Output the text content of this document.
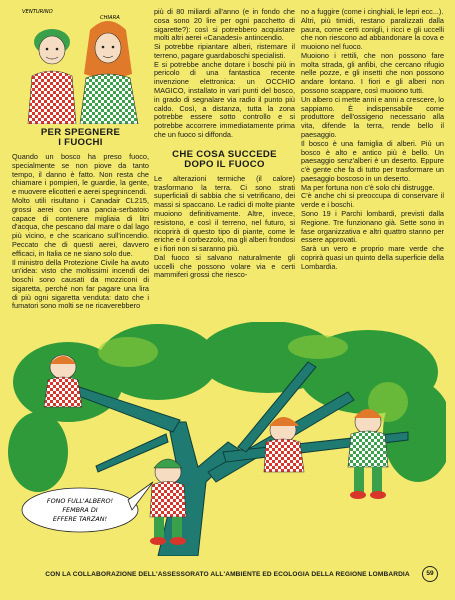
VENTURINO
CHIARA

PER SPEGNERE
I FUOCHI

Quando un bosco ha preso fuoco, specialmente se non piove da tanto tempo, il danno è fatto. Non resta che chiamare i pompieri, le guardie, la gente, e muovere elicotteri e aerei spegnincendi.

Molto utili risultano i Canadair CL215, grossi aerei con una pancia-serbatoio capace di contenere migliaia di litri d'acqua, che pescano dal mare o dal lago più vicino, e che scaricano sull'incendio. Peccato che di questi aerei, davvero efficaci, in Italia ce ne siano solo due.

Il ministro della Protezione Civile ha avuto un'idea: visto che moltissimi incendi dei boschi sono causati da mozziconi di sigaretta, perché non far pagare una lira di più ogni sigaretta venduta: dato che i fumatori sono molti se ne ricaverebbero

più di 80 miliardi all'anno (e in fondo che cosa sono 20 lire per ogni pacchetto di sigarette?): così si potrebbero acquistare molti altri aerei «Canadesi» antincendio.

Si potrebbe ripiantare alberi, ristemare il terreno, pagare guardaboschi specialisti.

E si potrebbe anche dotare i boschi più in pericolo di una fantastica recente invenzione elettronica: un OCCHIO MAGICO, installato in vari punti del bosco, in grado di segnalare via radio il punto più caldo. Così, a distanza, tutta la zona potrebbe essere sotto controllo e si potrebbe accorrere immediatamente prima che un fuoco si diffonda.

CHE COSA SUCCEDE
DOPO IL FUOCO

Le alterazioni termiche (il calore) trasformano la terra. Ci sono strati superficiali di sabbia che si vetrificano, dei massi si spaccano. Le radici di molte piante muoiono definitivamente. Altre, invece, resistono, e così il terreno, nel futuro, si ricoprirà di questo tipo di piante, come le eriche e il corbezzolo, ma gli alberi frondosi e i fiori non si saranno più.

Dal fuoco si salvano naturalmente gli uccelli che possono volare via e certi mammiferi grossi che riesco-

no a fuggire (come i cinghiali, le lepri ecc...).

Altri, più timidi, restano paralizzati dalla paura, come certi conigli, i ricci e gli uccelli che non riescono ad abbandonare la cova e muoiono nel fuoco.

Muoiono i rettili, che non possono fare molta strada, gli anfibi, che cercano rifugio nelle pozze, e gli insetti che non possono andare lontano. I fiori e gli alberi non possono scappare, così muoiono tutti.

Un albero ci mette anni e anni a crescere, lo sappiamo. È indispensabile come produttore dell'ossigeno necessario alla vita, difende la terra, rende bello il paesaggio.

Il bosco è una famiglia di alberi. Più un bosco è alto e antico più è bello. Un paesaggio senz'alberi è un deserto. Eppure c'è gente che fa di tutto per trasformare un paesaggio boscoso in un deserto.

Ma per fortuna non c'è solo chi distrugge.

C'è anche chi si preoccupa di conservare il verde e i boschi.

Sono 19 i Parchi lombardi, previsti dalla Regione. Tre funzionano già. Sette sono in fase organizzativa e altri quattro stanno per essere approvati.

Sarà un vero e proprio mare verde che coprirà quasi un quinto della superficie della Lombardia.

FONO FULL'ALBERO!
FEMBRA DI
EFFERE TARZAN!
CON LA COLLABORAZIONE DELL'ASSESSORATO ALL'AMBIENTE ED ECOLOGIA DELLA REGIONE LOMBARDIA	59
